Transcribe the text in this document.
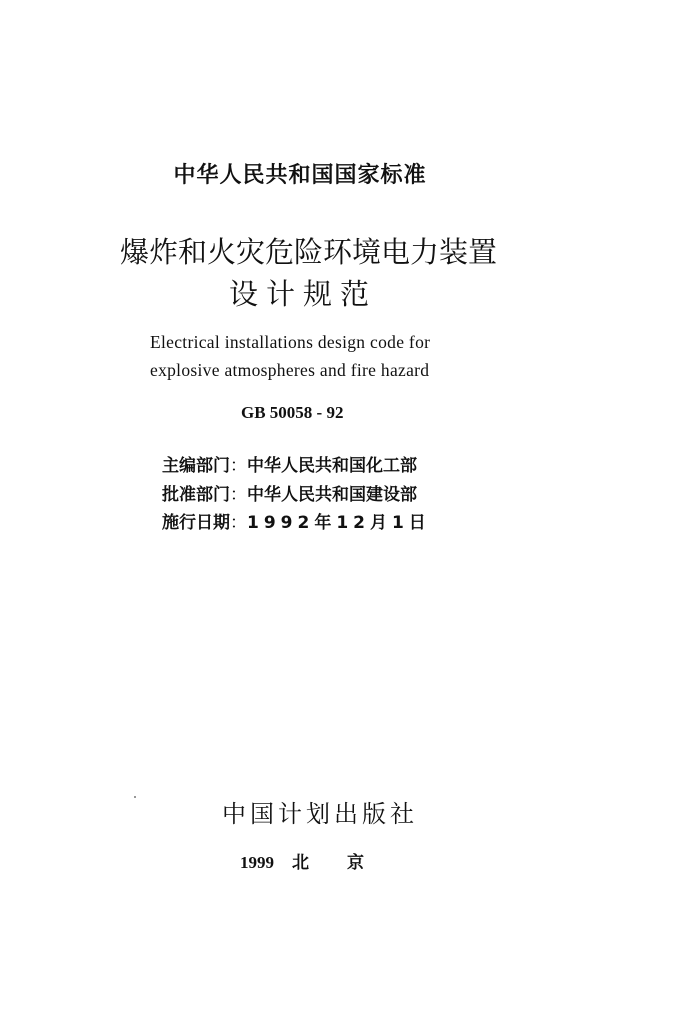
中华人民共和国国家标准
爆炸和火灾危险环境电力装置
设计规范
Electrical installations design code for
explosive atmospheres and fire hazard
GB 50058 - 92
主编部门：中华人民共和国化工部
批准部门：中华人民共和国建设部
施行日期：1992年12月1日
中国计划出版社
1999 北京
